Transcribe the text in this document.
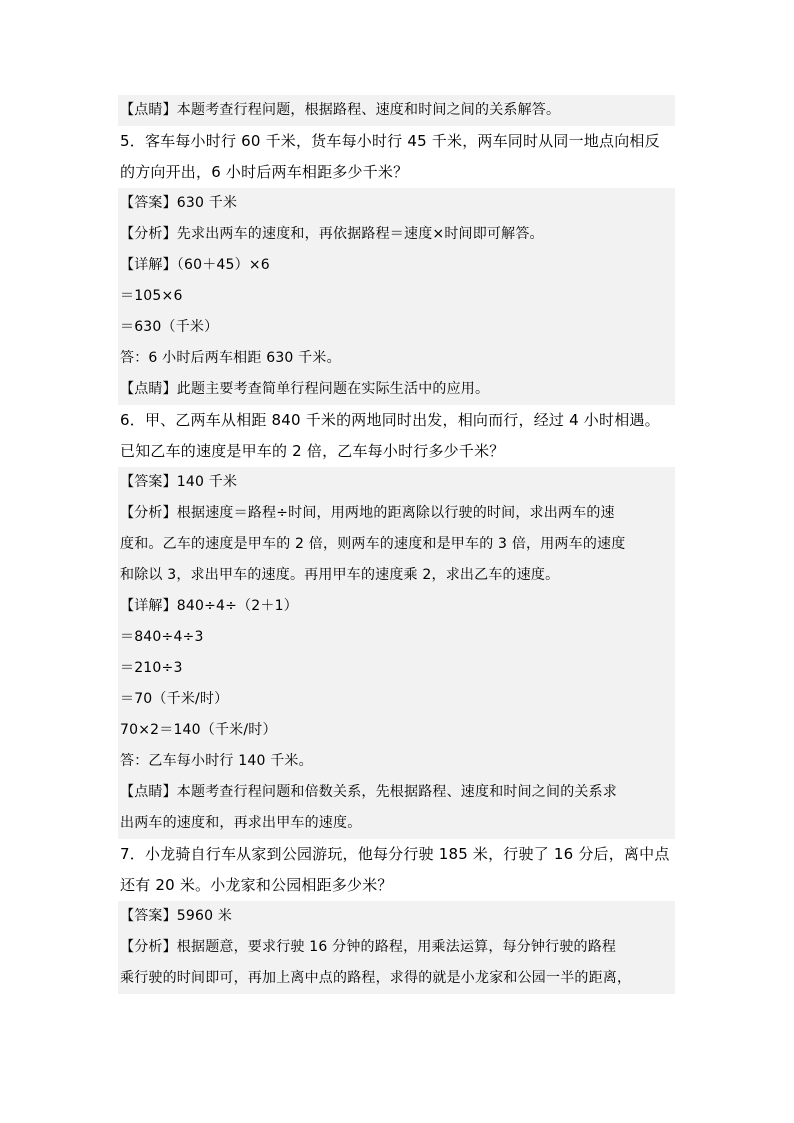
【点睛】本题考查行程问题，根据路程、速度和时间之间的关系解答。
5．客车每小时行 60 千米，货车每小时行 45 千米，两车同时从同一地点向相反
的方向开出，6 小时后两车相距多少千米？
【答案】630 千米
【分析】先求出两车的速度和，再依据路程＝速度×时间即可解答。
【详解】（60＋45）×6
＝105×6
＝630（千米）
答：6 小时后两车相距 630 千米。
【点睛】此题主要考查简单行程问题在实际生活中的应用。
6．甲、乙两车从相距 840 千米的两地同时出发，相向而行，经过 4 小时相遇。
已知乙车的速度是甲车的 2 倍，乙车每小时行多少千米？
【答案】140 千米
【分析】根据速度＝路程÷时间，用两地的距离除以行驶的时间，求出两车的速
度和。乙车的速度是甲车的 2 倍，则两车的速度和是甲车的 3 倍，用两车的速度
和除以 3，求出甲车的速度。再用甲车的速度乘 2，求出乙车的速度。
【详解】840÷4÷（2＋1）
＝840÷4÷3
＝210÷3
＝70（千米/时）
70×2＝140（千米/时）
答：乙车每小时行 140 千米。
【点睛】本题考查行程问题和倍数关系，先根据路程、速度和时间之间的关系求
出两车的速度和，再求出甲车的速度。
7．小龙骑自行车从家到公园游玩，他每分行驶 185 米，行驶了 16 分后，离中点
还有 20 米。小龙家和公园相距多少米？
【答案】5960 米
【分析】根据题意，要求行驶 16 分钟的路程，用乘法运算，每分钟行驶的路程
乘行驶的时间即可，再加上离中点的路程，求得的就是小龙家和公园一半的距离，
